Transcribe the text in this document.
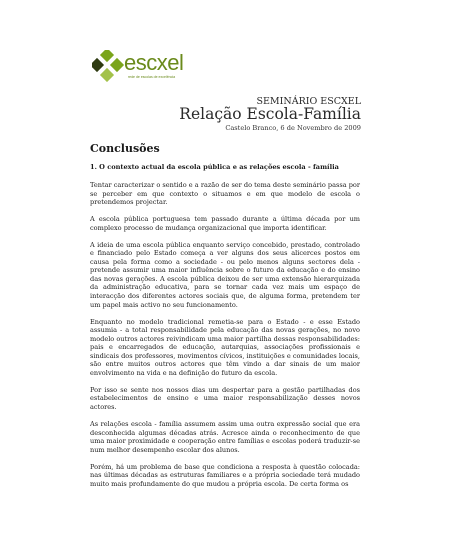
escxel
rede de escolas de excelência
SEMINÁRIO ESCXEL
Relação Escola-Família
Castelo Branco, 6 de Novembro de 2009
Conclusões
1. O contexto actual da escola pública e as relações escola - família

Tentar caracterizar o sentido e a razão de ser do tema deste seminário passa por se perceber em que contexto o situamos e em que modelo de escola o pretendemos projectar.

A escola pública portuguesa tem passado durante a última década por um complexo processo de mudança organizacional que importa identificar.

A ideia de uma escola pública enquanto serviço concebido, prestado, controlado e financiado pelo Estado começa a ver alguns dos seus alicerces postos em causa pela forma como a sociedade - ou pelo menos alguns sectores dela - pretende assumir uma maior influência sobre o futuro da educação e do ensino das novas gerações. A escola pública deixou de ser uma extensão hierarquizada da administração educativa, para se tornar cada vez mais um espaço de interacção dos diferentes actores sociais que, de alguma forma, pretendem ter um papel mais activo no seu funcionamento.

Enquanto no modelo tradicional remetia-se para o Estado - e esse Estado assumia - a total responsabilidade pela educação das novas gerações, no novo modelo outros actores reivindicam uma maior partilha dessas responsabilidades: pais e encarregados de educação, autarquias, associações profissionais e sindicais dos professores, movimentos cívicos, instituições e comunidades locais, são entre muitos outros actores que têm vindo a dar sinais de um maior envolvimento na vida e na definição do futuro da escola.

Por isso se sente nos nossos dias um despertar para a gestão partilhadas dos estabelecimentos de ensino e uma maior responsabilização desses novos actores.

As relações escola - família assumem assim uma outra expressão social que era desconhecida algumas décadas atrás. Acresce ainda o reconhecimento de que uma maior proximidade e cooperação entre famílias e escolas poderá traduzir-se num melhor desempenho escolar dos alunos.

Porém, há um problema de base que condiciona a resposta à questão colocada: nas últimas décadas as estruturas familiares e a própria sociedade terá mudado muito mais profundamente do que mudou a própria escola. De certa forma os
